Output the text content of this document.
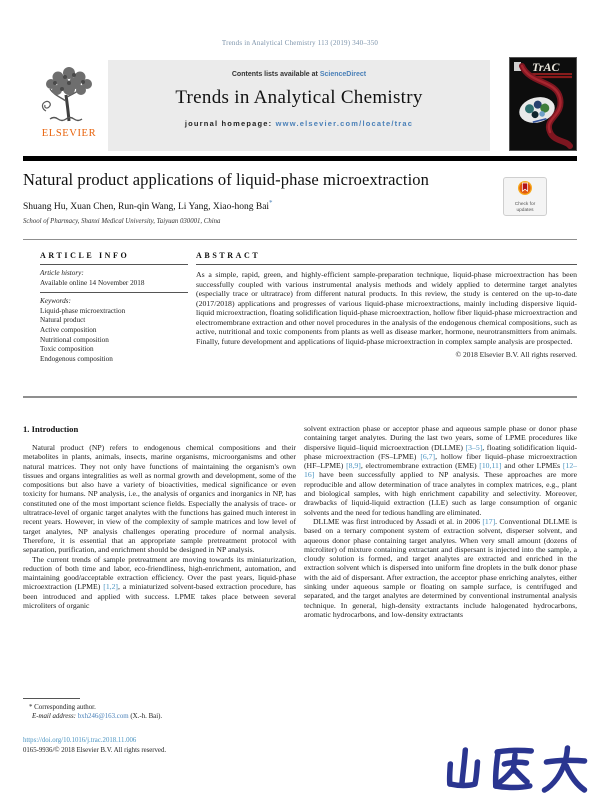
Trends in Analytical Chemistry 113 (2019) 340–350
ELSEVIER
Contents lists available at ScienceDirect
Trends in Analytical Chemistry
journal homepage: www.elsevier.com/locate/trac
TrAC
Natural product applications of liquid-phase microextraction
Shuang Hu, Xuan Chen, Run-qin Wang, Li Yang, Xiao-hong Bai*
School of Pharmacy, Shanxi Medical University, Taiyuan 030001, China
Check for updates
ARTICLE INFO
Article history:
Available online 14 November 2018
Keywords:
Liquid-phase microextraction
Natural product
Active composition
Nutritional composition
Toxic composition
Endogenous composition
ABSTRACT
As a simple, rapid, green, and highly-efficient sample-preparation technique, liquid-phase microextraction has been successfully coupled with various instrumental analysis methods and widely applied to determine target analytes (especially trace or ultratrace) from different natural products. In this review, the study is centered on the up-to-date (2017/2018) applications and progresses of various liquid-phase microextractions, mainly including dispersive liquid-liquid microextraction, floating solidification liquid-phase microextraction, hollow fiber liquid-phase microextraction and electromembrane extraction and other novel procedures in the analysis of the endogenous chemical compositions, such as active, nutritional and toxic components from plants as well as disease marker, hormone, neurotransmitters from animals. Finally, future development and applications of liquid-phase microextraction in complex sample analysis are prospected.
© 2018 Elsevier B.V. All rights reserved.
1. Introduction
Natural product (NP) refers to endogenous chemical compositions and their metabolites in plants, animals, insects, marine organisms, microorganisms and other natural matrices. They not only have functions of maintaining the organism's own tissues and organs integralities as well as normal growth and development, some of the compositions but also have a variety of bioactivities, medical significance or even toxicity for humans. NP analysis, i.e., the analysis of organics and inorganics in NP, has constituted one of the most important science fields. Especially the analysis of trace- or ultratrace-level of organic target analytes with the functions has gained much interest in recent years. However, in view of the complexity of sample matrices and low level of target analytes, NP analysis challenges operating procedure of normal analysis. Therefore, it is essential that an appropriate sample pretreatment protocol with separation, purification, and enrichment should be designed in NP analysis.
The current trends of sample pretreatment are moving towards its miniaturization, reduction of both time and labor, eco-friendliness, high-enrichment, automation, and maintaining good/acceptable extraction efficiency. Over the past years, liquid-phase microextraction (LPME) [1,2], a miniaturized solvent-based extraction procedure, has been introduced and applied with success. LPME takes place between several microliters of organic
solvent extraction phase or acceptor phase and aqueous sample phase or donor phase containing target analytes. During the last two years, some of LPME procedures like dispersive liquid–liquid microextraction (DLLME) [3–5], floating solidification liquid-phase microextraction (FS–LPME) [6,7], hollow fiber liquid–phase microextraction (HF–LPME) [8,9], electromembrane extraction (EME) [10,11] and other LPMEs [12–16] have been successfully applied to NP analysis. These approaches are more reproducible and allow determination of trace analytes in complex matrices, e.g., plant and biological samples, with high enrichment capability and selectivity. Moreover, drawbacks of liquid-liquid extraction (LLE) such as large consumption of organic solvents and the need for tedious handling are eliminated.
DLLME was first introduced by Assadi et al. in 2006 [17]. Conventional DLLME is based on a ternary component system of extraction solvent, disperser solvent, and aqueous donor phase containing target analytes. When very small amount (dozens of microliter) of mixture containing extractant and dispersant is injected into the sample, a cloudy solution is formed, and target analytes are extracted and enriched in the extraction solvent which is dispersed into uniform fine droplets in the bulk donor phase with the aid of dispersant. After extraction, the acceptor phase enriching analytes, either sinking under aqueous sample or floating on sample surface, is centrifuged and separated, and the target analytes are determined by conventional instrumental analysis technique. In general, high-density extractants include halogenated hydrocarbons, aromatic hydrocarbons, and low-density extractants
* Corresponding author.
E-mail address: bxh246@163.com (X.-h. Bai).
https://doi.org/10.1016/j.trac.2018.11.006
0165-9936/© 2018 Elsevier B.V. All rights reserved.
